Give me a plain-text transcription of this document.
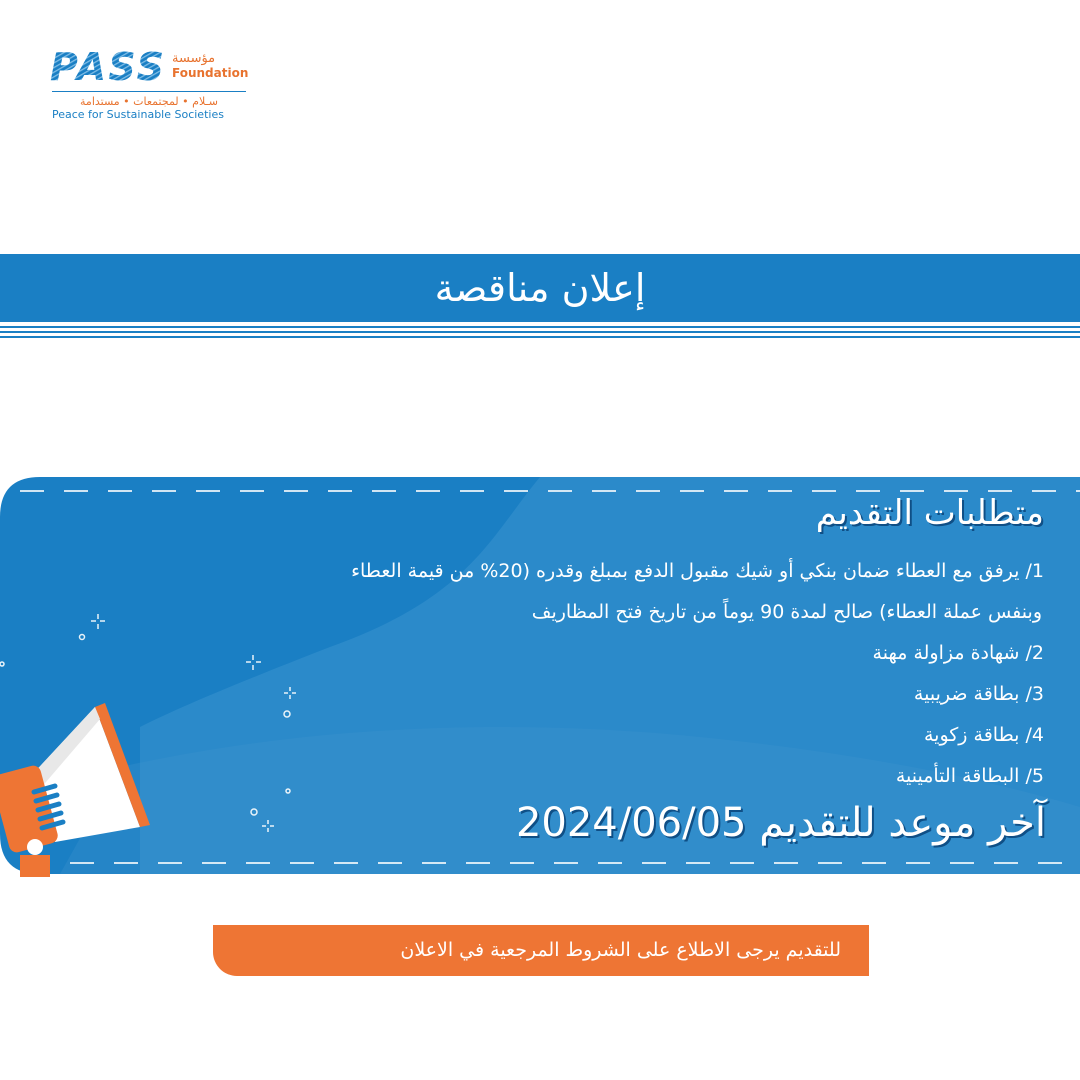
PASS مؤسسة
Foundation
سـلام • لمجتمعات • مستدامة
Peace for Sustainable Societies
إعلان مناقصة
متطلبات التقديم
1/ يرفق مع العطاء ضمان بنكي أو شيك مقبول الدفع بمبلغ وقدره (20% من قيمة العطاء
وبنفس عملة العطاء) صالح لمدة 90 يوماً من تاريخ فتح المظاريف
2/ شهادة مزاولة مهنة
3/ بطاقة ضريبية
4/ بطاقة زكوية
5/ البطاقة التأمينية
آخر موعد للتقديم 2024/06/05
للتقديم يرجى الاطلاع على الشروط المرجعية في الاعلان
